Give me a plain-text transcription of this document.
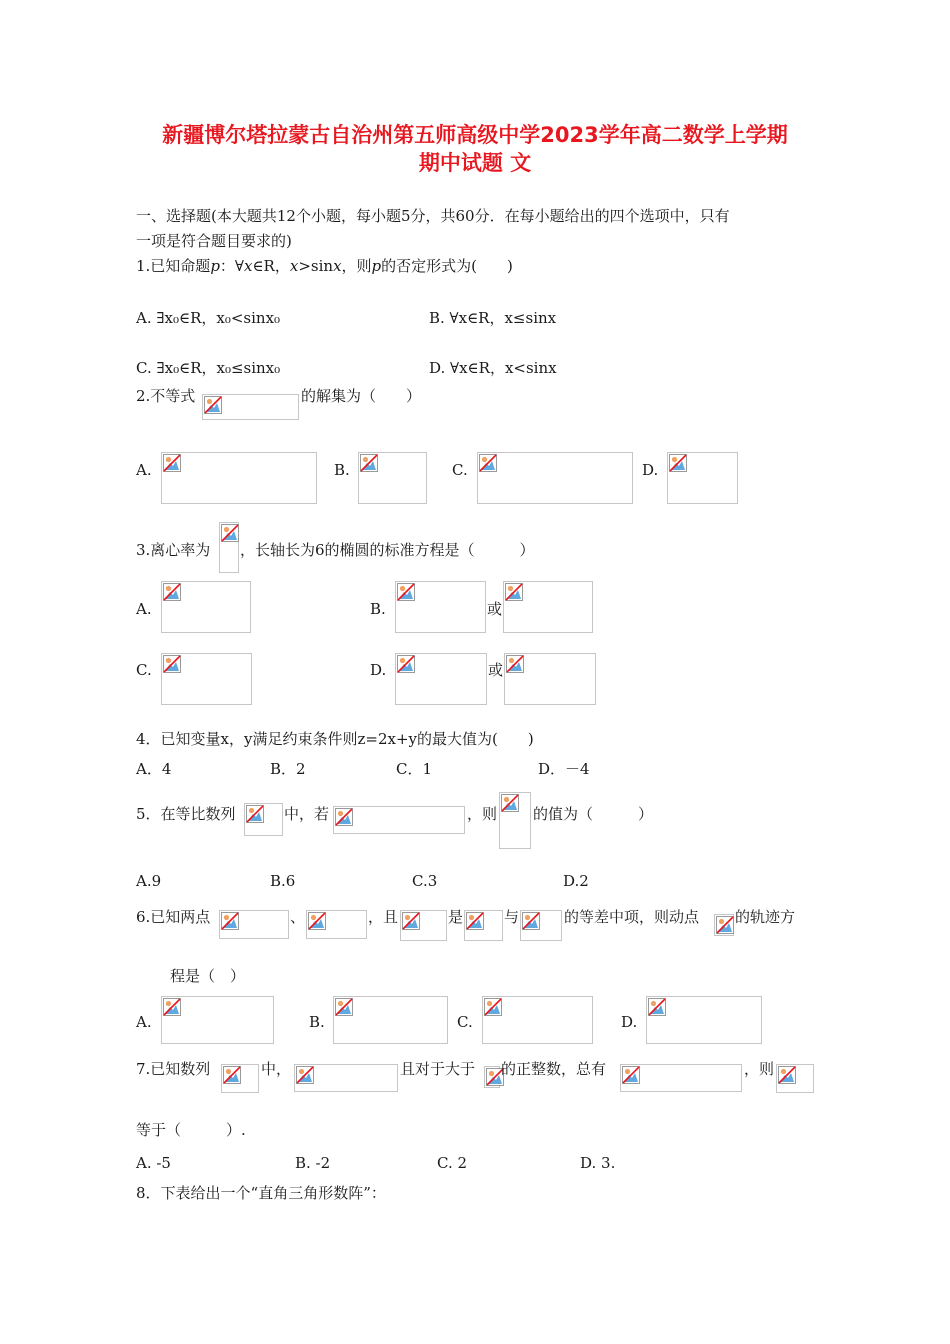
新疆博尔塔拉蒙古自治州第五师高级中学2023学年高二数学上学期
期中试题 文
一、选择题(本大题共12个小题，每小题5分，共60分．在每小题给出的四个选项中，只有
一项是符合题目要求的)
1.已知命题p：∀x∈R，x>sinx，则p的否定形式为(　　)
A. ∃x₀∈R，x₀<sinx₀	B. ∀x∈R，x≤sinx
C. ∃x₀∈R，x₀≤sinx₀	D. ∀x∈R，x<sinx
2.不等式	的解集为（　　）
A.	B.	C.	D.
3.离心率为 ，长轴长为6的椭圆的标准方程是（　　　）
A.	B.	或
C.	D.	或
4．已知变量x，y满足约束条件则z=2x+y的最大值为(　　)
A．4	B．2	C．1	D．－4
5．在等比数列	中，若	，则 的值为（　　　）
A.9	B.6	C.3	D.2
6.已知两点	、	，且	是	与	的等差中项，则动点 的轨迹方
程是（　）
A.	B.	C.	D.
7.已知数列	中，	且对于大于 的正整数，总有	，则
等于（　　　）.
A. -5	B. -2	C. 2	D. 3.
8．下表给出一个“直角三角形数阵”：
